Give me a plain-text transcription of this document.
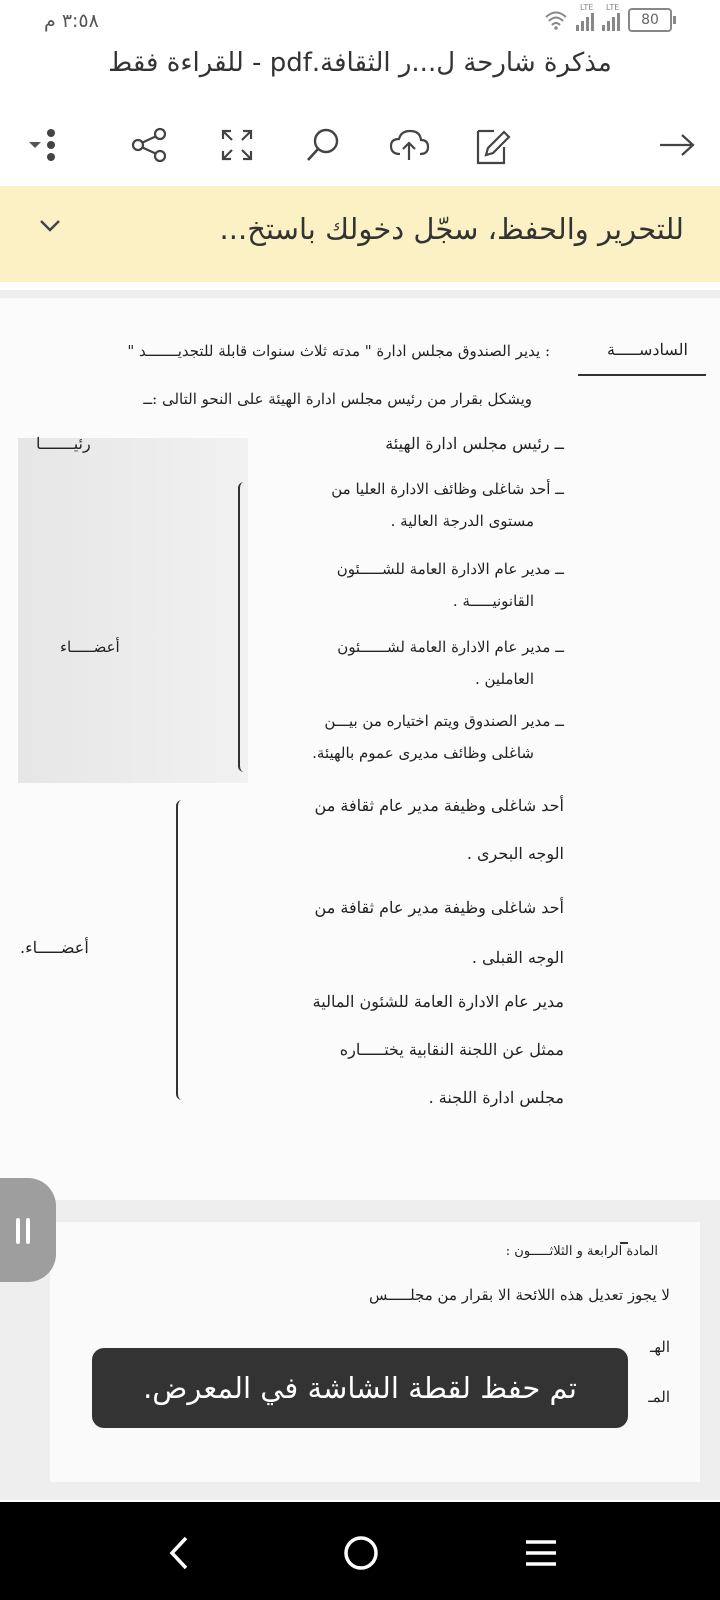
٣:٥٨ م
LTE LTE
80
مذكرة شارحة ل...ر الثقافة.pdf - للقراءة فقط
للتحرير والحفظ، سجّل دخولك باستخ...
السادســـــة
: يدير الصندوق مجلس ادارة " مدته ثلاث سنوات قابلة للتجديـــــــد "
ويشكل بقرار من رئيس مجلس ادارة الهيئة على النحو التالى :ــ
ــ رئيس مجلس ادارة الهيئة
رئيـــــــا
ــ أحد شاغلى وظائف الادارة العليا من
مستوى الدرجة العالية .
ــ مدير عام الادارة العامة للشـــــئون
القانونيـــــة .
ــ مدير عام الادارة العامة لشــــــئون
العاملين .
أعضـــــاء
ــ مدير الصندوق ويتم اختياره من بيـــن
شاغلى وظائف مديرى عموم بالهيئة.
أحد شاغلى وظيفة مدير عام ثقافة من
الوجه البحرى .
أحد شاغلى وظيفة مدير عام ثقافة من
الوجه القبلى .
أعضـــــاء.
مدير عام الادارة العامة للشئون المالية
ممثل عن اللجنة النقابية يختـــــاره
مجلس ادارة اللجنة .
المادة الرابعة و الثلاثـــــون :
لا يجوز تعديل هذه اللائحة الا بقرار من مجلـــــس
الهـ
المـ
تم حفظ لقطة الشاشة في المعرض.
